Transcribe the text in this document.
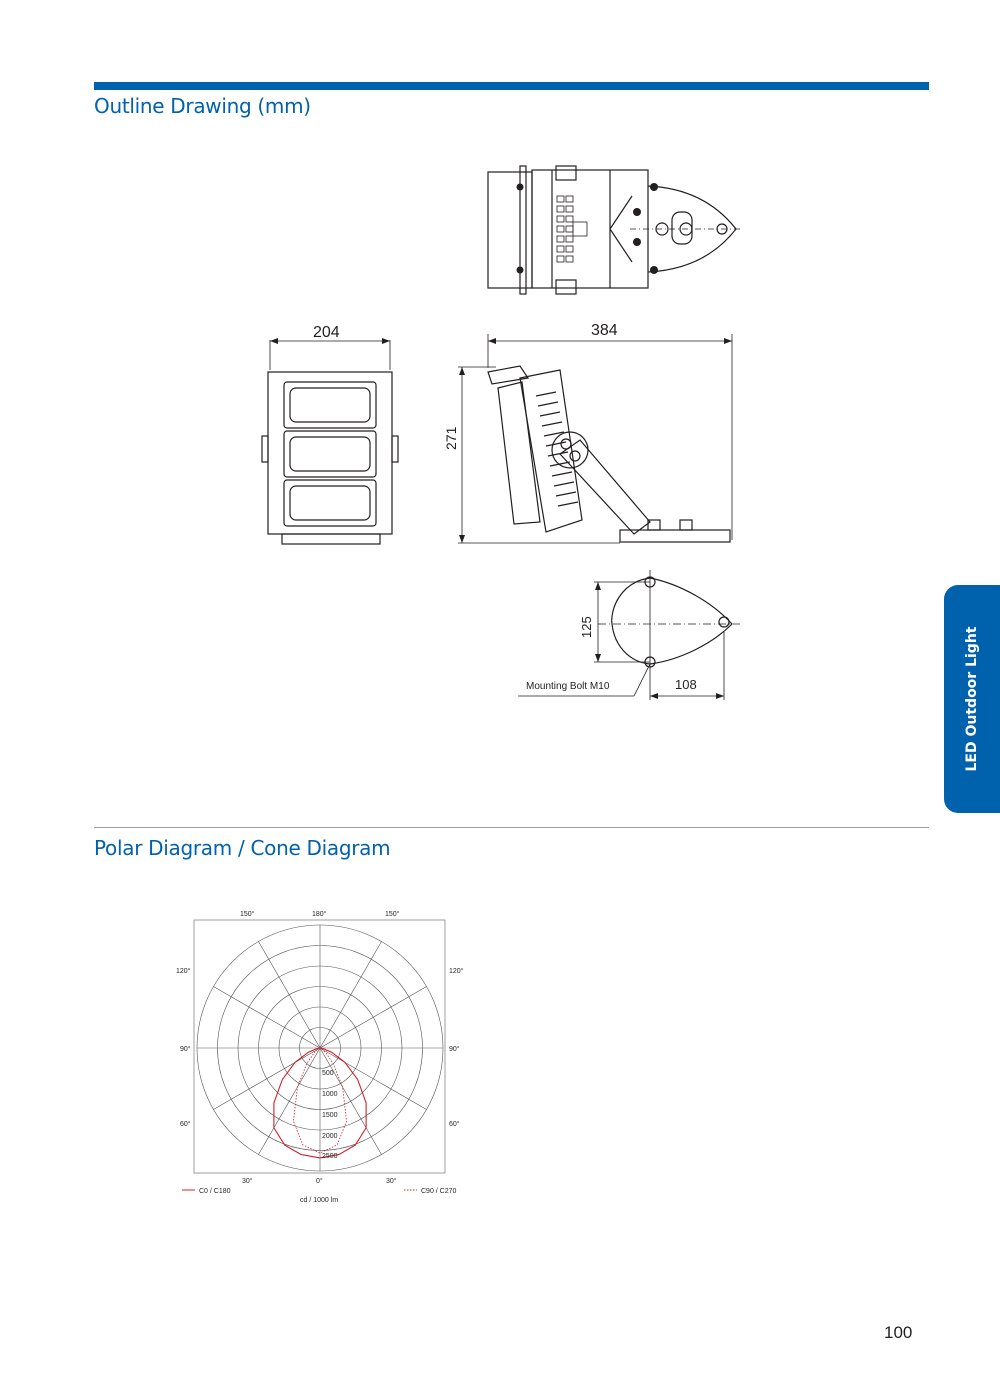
Outline Drawing (mm)
204	384
271
125
108
Mounting Bolt M10
Polar Diagram / Cone Diagram
150°	180°	150°
120°
90°
60°
120°
90°
60°
30°	0°	30°
500
1000
1500
2000
2500
C0 / C180	C90 / C270
cd / 1000 lm
LED Outdoor Light
100
